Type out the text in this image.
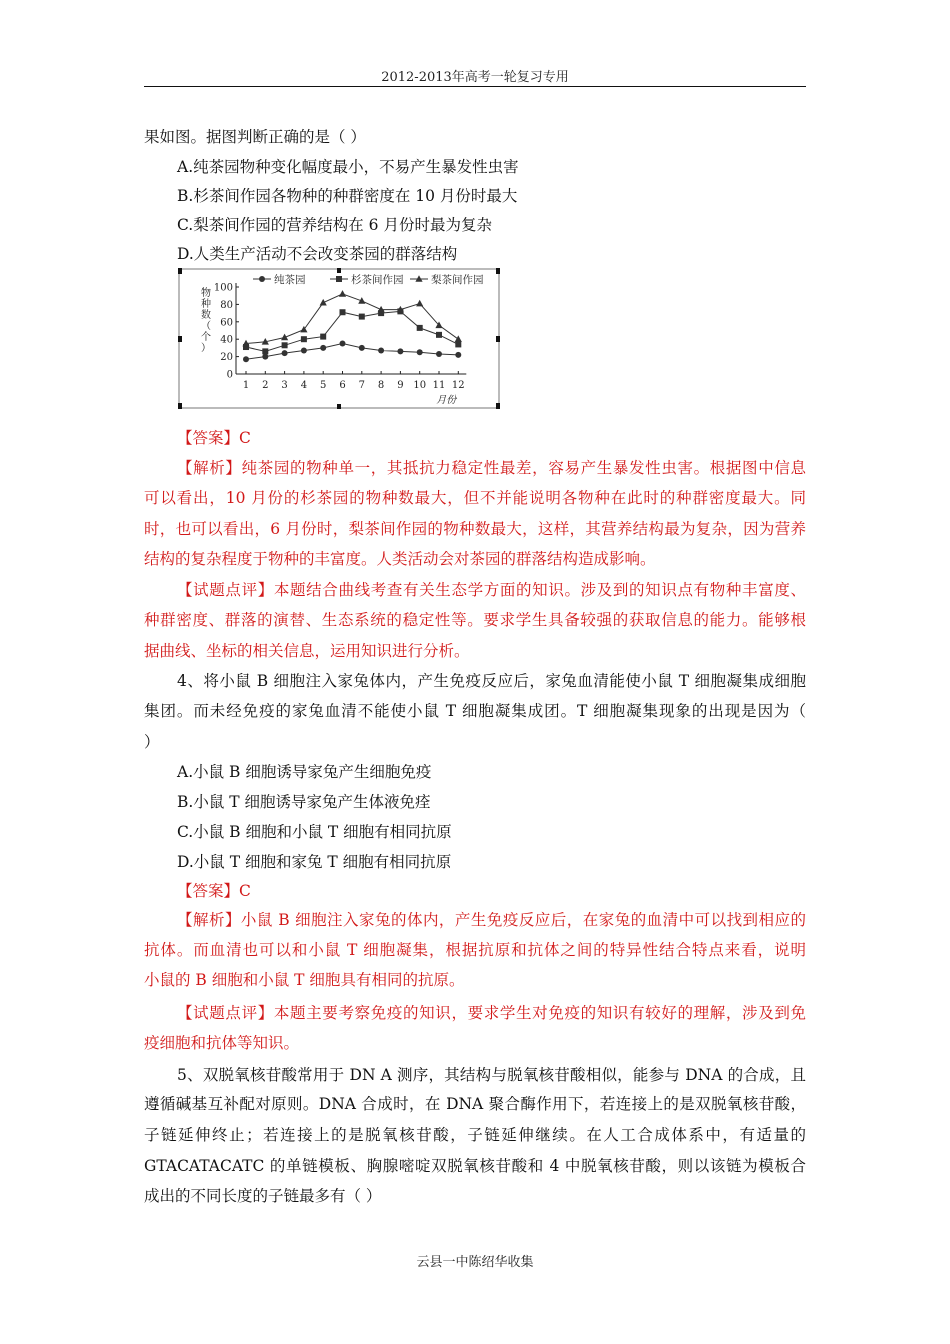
2012-2013年高考一轮复习专用
果如图。据图判断正确的是（ ）
A.纯茶园物种变化幅度最小，不易产生暴发性虫害
B.杉茶间作园各物种的种群密度在 10 月份时最大
C.梨茶间作园的营养结构在 6 月份时最为复杂
D.人类生产活动不会改变茶园的群落结构
纯茶园	杉茶间作园	梨茶间作园
0
20
40
60
80
100
1 2 3 4 5 6 7 8 9 10 11 12
月份
物
种
数
（
个
）
【答案】C
【解析】纯茶园的物种单一，其抵抗力稳定性最差，容易产生暴发性虫害。根据图中信息
可以看出，10 月份的杉茶园的物种数最大，但不并能说明各物种在此时的种群密度最大。同
时，也可以看出，6 月份时，梨茶间作园的物种数最大，这样，其营养结构最为复杂，因为营养
结构的复杂程度于物种的丰富度。人类活动会对茶园的群落结构造成影响。
【试题点评】本题结合曲线考查有关生态学方面的知识。涉及到的知识点有物种丰富度、
种群密度、群落的演替、生态系统的稳定性等。要求学生具备较强的获取信息的能力。能够根
据曲线、坐标的相关信息，运用知识进行分析。
4、将小鼠 B 细胞注入家兔体内，产生免疫反应后，家兔血清能使小鼠 T 细胞凝集成细胞
集团。而未经免疫的家兔血清不能使小鼠 T 细胞凝集成团。T 细胞凝集现象的出现是因为（
）
A.小鼠 B 细胞诱导家兔产生细胞免疫
B.小鼠 T 细胞诱导家兔产生体液免痊
C.小鼠 B 细胞和小鼠 T 细胞有相同抗原
D.小鼠 T 细胞和家兔 T 细胞有相同抗原
【答案】C
【解析】小鼠 B 细胞注入家兔的体内，产生免疫反应后，在家兔的血清中可以找到相应的
抗体。而血清也可以和小鼠 T 细胞凝集，根据抗原和抗体之间的特异性结合特点来看，说明
小鼠的 B 细胞和小鼠 T 细胞具有相同的抗原。
【试题点评】本题主要考察免疫的知识，要求学生对免疫的知识有较好的理解，涉及到免
疫细胞和抗体等知识。
5、双脱氧核苷酸常用于 DN A 测序，其结构与脱氧核苷酸相似，能参与 DNA 的合成，且
遵循碱基互补配对原则。DNA 合成时，在 DNA 聚合酶作用下，若连接上的是双脱氧核苷酸，
子链延伸终止；若连接上的是脱氧核苷酸，子链延伸继续。在人工合成体系中，有适量的
GTACATACATC 的单链模板、胸腺嘧啶双脱氧核苷酸和 4 中脱氧核苷酸，则以该链为模板合
成出的不同长度的子链最多有（ ）
云县一中陈绍华收集
